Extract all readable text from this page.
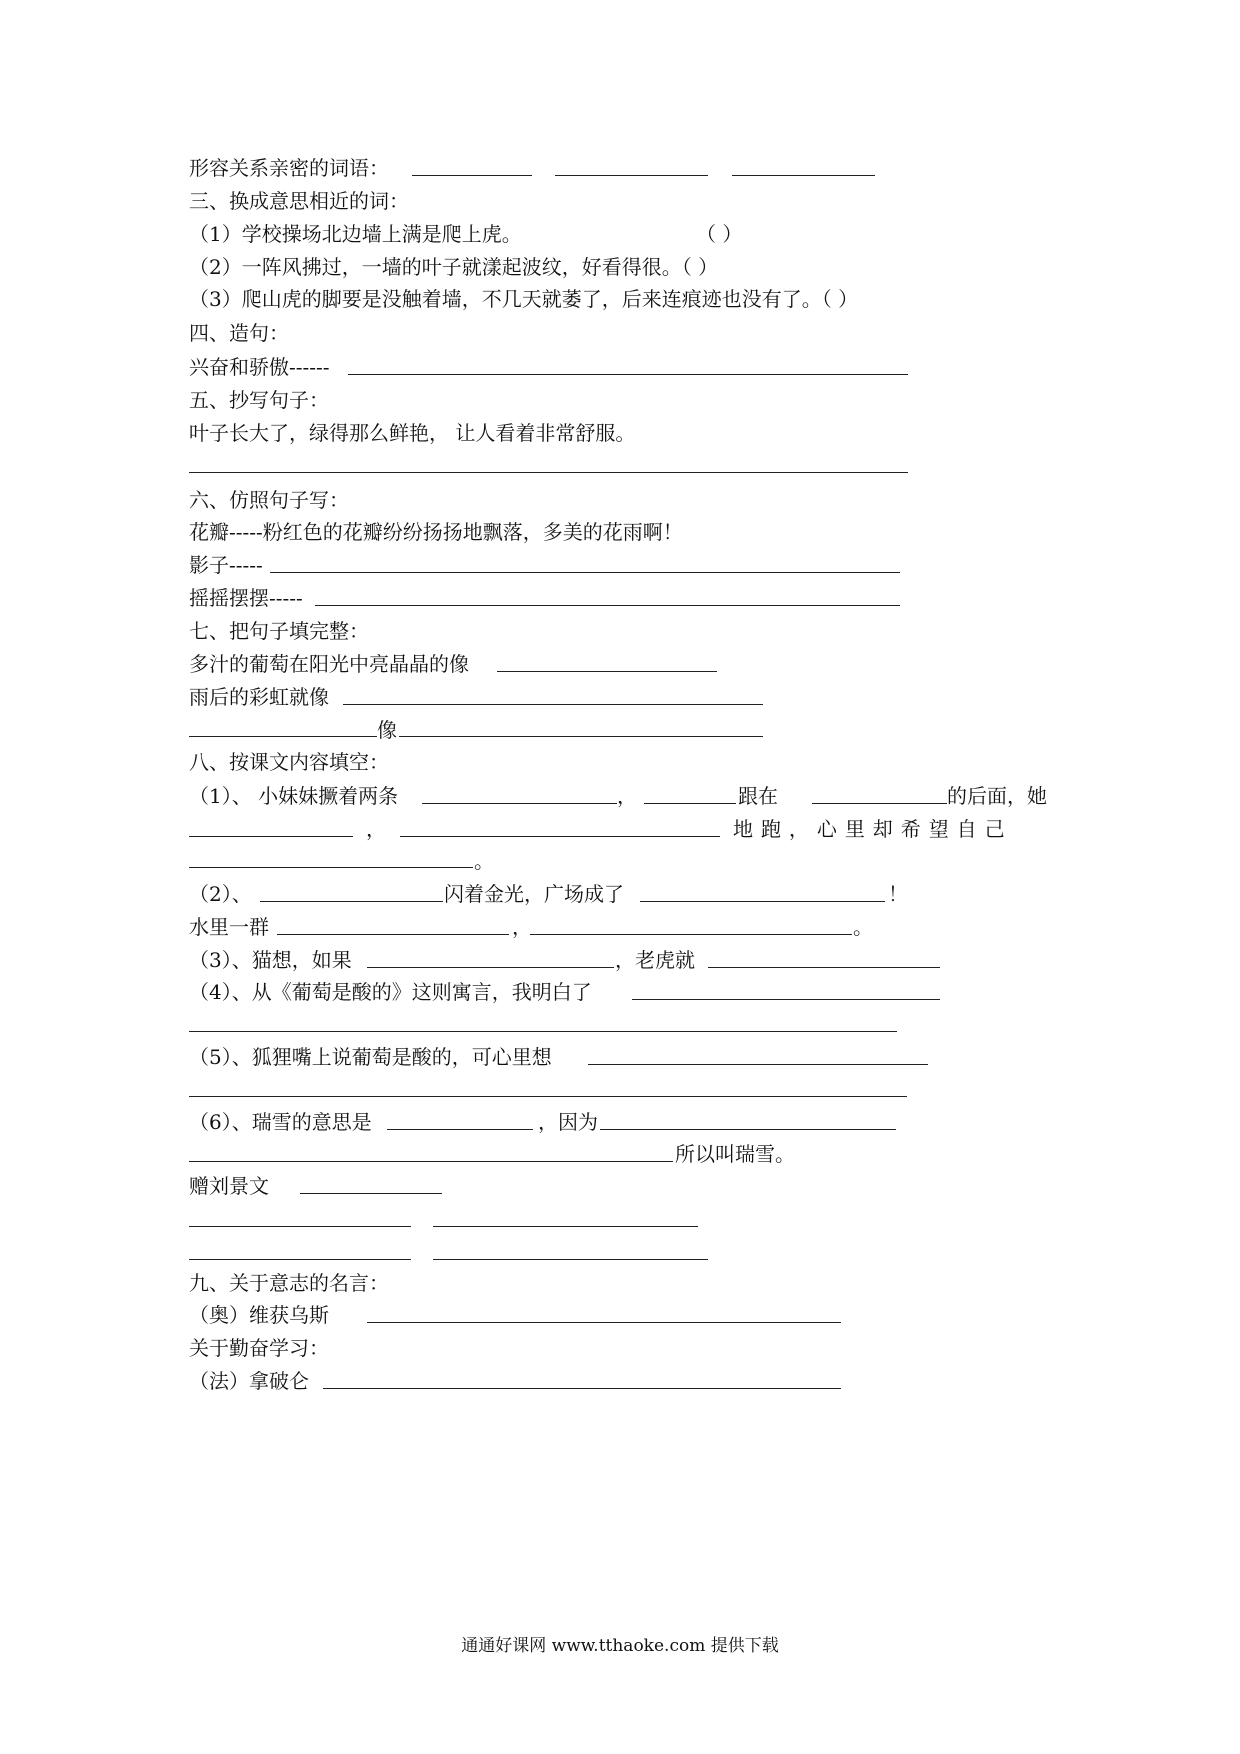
形容关系亲密的词语：
三、换成意思相近的词：
（1）学校操场北边墙上满是爬上虎。	（ ）
（2）一阵风拂过，一墙的叶子就漾起波纹，好看得很。（ ）
（3）爬山虎的脚要是没触着墙，不几天就萎了，后来连痕迹也没有了。（ ）
四、造句：
兴奋和骄傲------
五、抄写句子：
叶子长大了，绿得那么鲜艳， 让人看着非常舒服。
六、仿照句子写：
花瓣-----粉红色的花瓣纷纷扬扬地飘落，多美的花雨啊！
影子-----
摇摇摆摆-----
七、把句子填完整：
多汁的葡萄在阳光中亮晶晶的像
雨后的彩虹就像
像
八、按课文内容填空：
（1）、 小妹妹撅着两条	，	跟在	的后面，她
，	地 跑 ， 心 里 却 希 望 自 己
。
（2）、	闪着金光，广场成了	！
水里一群	，	。
（3）、猫想，如果	，老虎就
（4）、从《葡萄是酸的》这则寓言，我明白了
（5）、狐狸嘴上说葡萄是酸的，可心里想
（6）、瑞雪的意思是	，因为
所以叫瑞雪。
赠刘景文
九、关于意志的名言：
（奥）维获乌斯
关于勤奋学习：
（法）拿破仑
通通好课网 www.tthaoke.com 提供下载
